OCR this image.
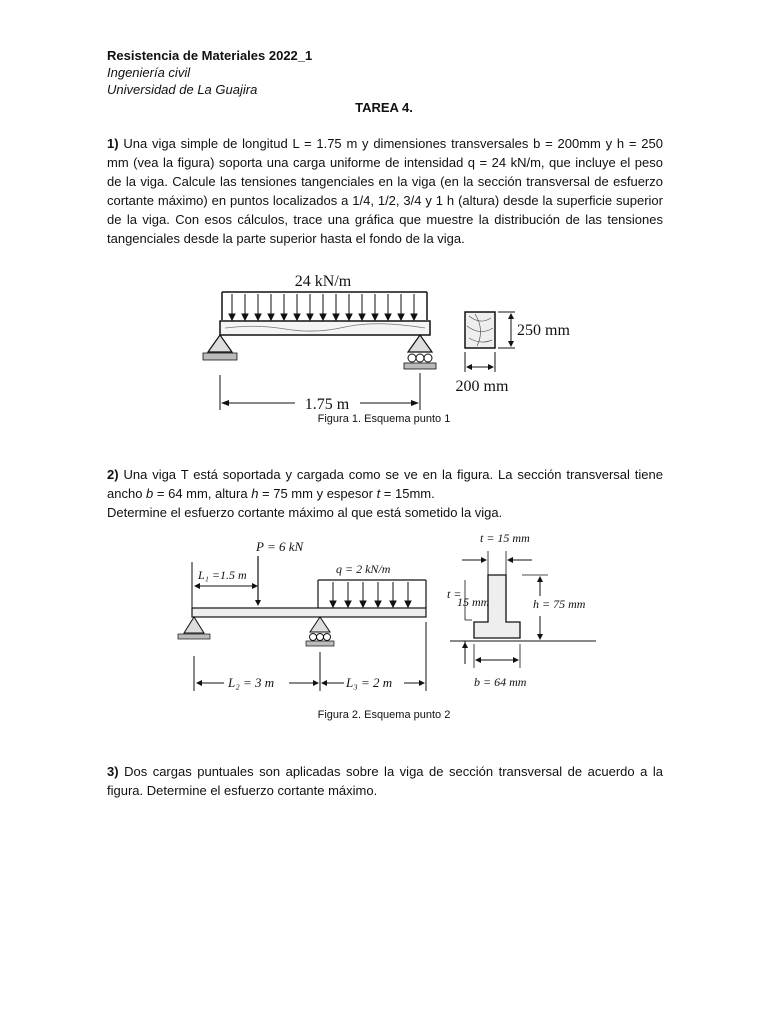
Resistencia de Materiales 2022_1
Ingeniería civil
Universidad de La Guajira
TAREA 4.
1) Una viga simple de longitud L = 1.75 m y dimensiones transversales b = 200mm y h = 250 mm (vea la figura) soporta una carga uniforme de intensidad q = 24 kN/m, que incluye el peso de la viga. Calcule las tensiones tangenciales en la viga (en la sección transversal de esfuerzo cortante máximo) en puntos localizados a 1/4, 1/2, 3/4 y 1 h (altura) desde la superficie superior de la viga. Con esos cálculos, trace una gráfica que muestre la distribución de las tensiones tangenciales desde la parte superior hasta el fondo de la viga.
24 kN/m
1.75 m
250 mm
200 mm
Figura 1. Esquema punto 1
2) Una viga T está soportada y cargada como se ve en la figura. La sección transversal tiene ancho b = 64 mm, altura h = 75 mm y espesor t = 15mm.
Determine el esfuerzo cortante máximo al que está sometido la viga.
P = 6 kN
L₁ =1.5 m	q = 2 kN/m
L₂ = 3 m	L₃ = 2 m
t = 15 mm
t =
15 mm	h = 75 mm
b = 64 mm
Figura 2. Esquema punto 2
3) Dos cargas puntuales son aplicadas sobre la viga de sección transversal de acuerdo a la figura. Determine el esfuerzo cortante máximo.
